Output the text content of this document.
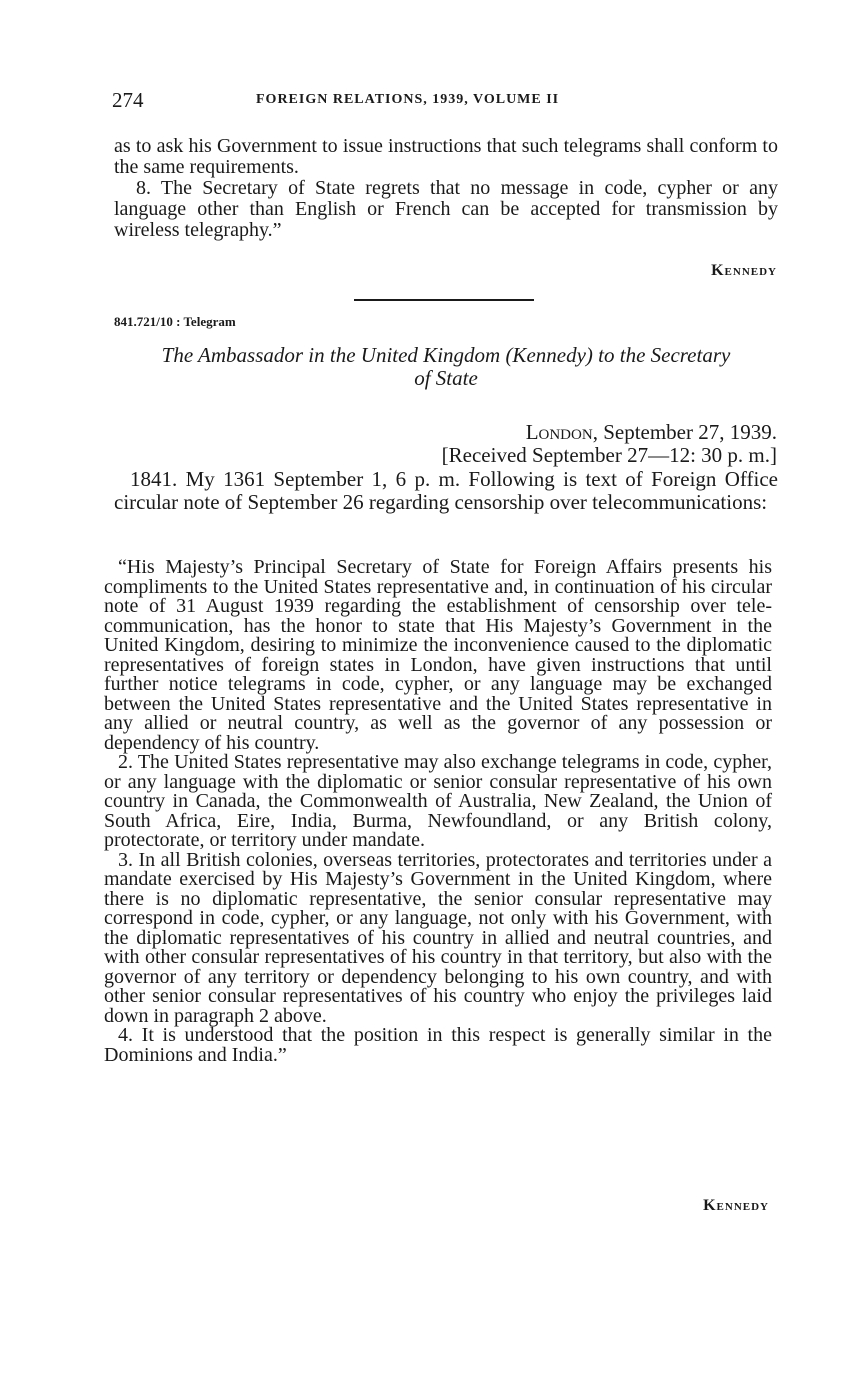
274	FOREIGN RELATIONS, 1939, VOLUME II

as to ask his Government to issue instructions that such telegrams shall conform to the same requirements.

8. The Secretary of State regrets that no message in code, cypher or any language other than English or French can be accepted for transmission by wireless telegraphy.”

Kennedy
841.721/10 : Telegram
The Ambassador in the United Kingdom (Kennedy) to the Secretary
of State
London, September 27, 1939.
[Received September 27—12: 30 p. m.]

1841. My 1361 September 1, 6 p. m. Following is text of Foreign Office circular note of September 26 regarding censorship over telecommunications:

“His Majesty’s Principal Secretary of State for Foreign Affairs presents his compliments to the United States representative and, in continuation of his circular note of 31 August 1939 regarding the establishment of censorship over tele-communication, has the honor to state that His Majesty’s Government in the United Kingdom, desiring to minimize the inconvenience caused to the diplomatic representatives of foreign states in London, have given instructions that until further notice telegrams in code, cypher, or any language may be exchanged between the United States representative and the United States representative in any allied or neutral country, as well as the governor of any possession or dependency of his country.

2. The United States representative may also exchange telegrams in code, cypher, or any language with the diplomatic or senior consular representative of his own country in Canada, the Commonwealth of Australia, New Zealand, the Union of South Africa, Eire, India, Burma, Newfoundland, or any British colony, protectorate, or territory under mandate.

3. In all British colonies, overseas territories, protectorates and territories under a mandate exercised by His Majesty’s Government in the United Kingdom, where there is no diplomatic representative, the senior consular representative may correspond in code, cypher, or any language, not only with his Government, with the diplomatic representatives of his country in allied and neutral countries, and with other consular representatives of his country in that territory, but also with the governor of any territory or dependency belonging to his own country, and with other senior consular representatives of his country who enjoy the privileges laid down in paragraph 2 above.

4. It is understood that the position in this respect is generally similar in the Dominions and India.”

Kennedy
